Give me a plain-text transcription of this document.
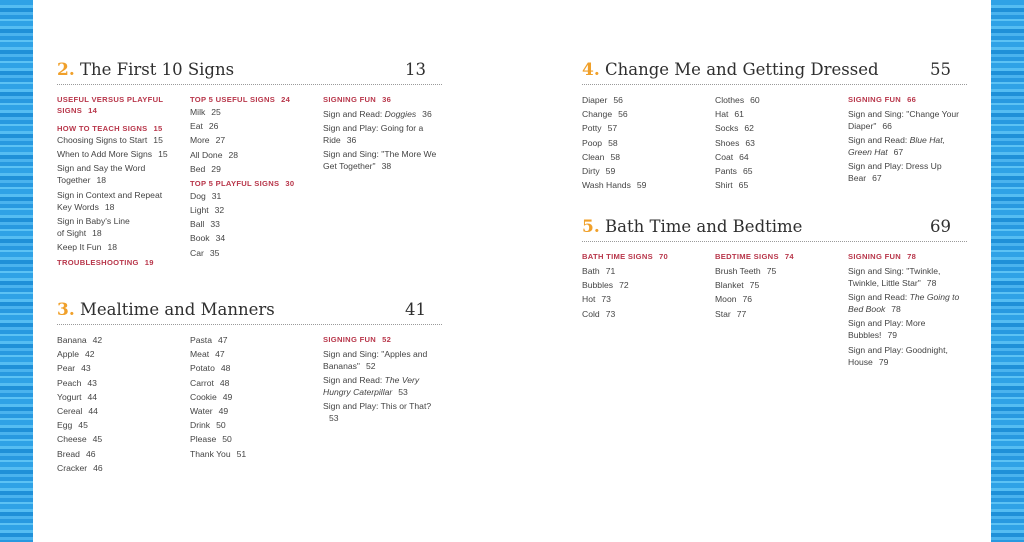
2. The First 10 Signs	13
USEFUL VERSUS PLAYFUL SIGNS 14
HOW TO TEACH SIGNS 15
Choosing Signs to Start 15
When to Add More Signs 15
Sign and Say the Word Together 18
Sign in Context and Repeat Key Words 18
Sign in Baby's Line of Sight 18
Keep It Fun 18
TROUBLESHOOTING 19
TOP 5 USEFUL SIGNS 24
Milk 25
Eat 26
More 27
All Done 28
Bed 29
TOP 5 PLAYFUL SIGNS 30
Dog 31
Light 32
Ball 33
Book 34
Car 35
SIGNING FUN 36
Sign and Read: Doggies 36
Sign and Play: Going for a Ride 36
Sign and Sing: "The More We Get Together" 38
3. Mealtime and Manners	41
Banana 42
Apple 42
Pear 43
Peach 43
Yogurt 44
Cereal 44
Egg 45
Cheese 45
Bread 46
Cracker 46
Pasta 47
Meat 47
Potato 48
Carrot 48
Cookie 49
Water 49
Drink 50
Please 50
Thank You 51
SIGNING FUN 52
Sign and Sing: "Apples and Bananas" 52
Sign and Read: The Very Hungry Caterpillar 53
Sign and Play: This or That?53
4. Change Me and Getting Dressed	55
Diaper 56
Change 56
Potty 57
Poop 58
Clean 58
Dirty 59
Wash Hands 59
Clothes 60
Hat 61
Socks 62
Shoes 63
Coat 64
Pants 65
Shirt 65
SIGNING FUN 66
Sign and Sing: "Change Your Diaper" 66
Sign and Read: Blue Hat, Green Hat 67
Sign and Play: Dress Up Bear 67
5. Bath Time and Bedtime	69
BATH TIME SIGNS 70
Bath 71
Bubbles 72
Hot 73
Cold 73
BEDTIME SIGNS 74
Brush Teeth 75
Blanket 75
Moon 76
Star 77
SIGNING FUN 78
Sign and Sing: "Twinkle, Twinkle, Little Star" 78
Sign and Read: The Going to Bed Book 78
Sign and Play: More Bubbles! 79
Sign and Play: Goodnight, House 79
